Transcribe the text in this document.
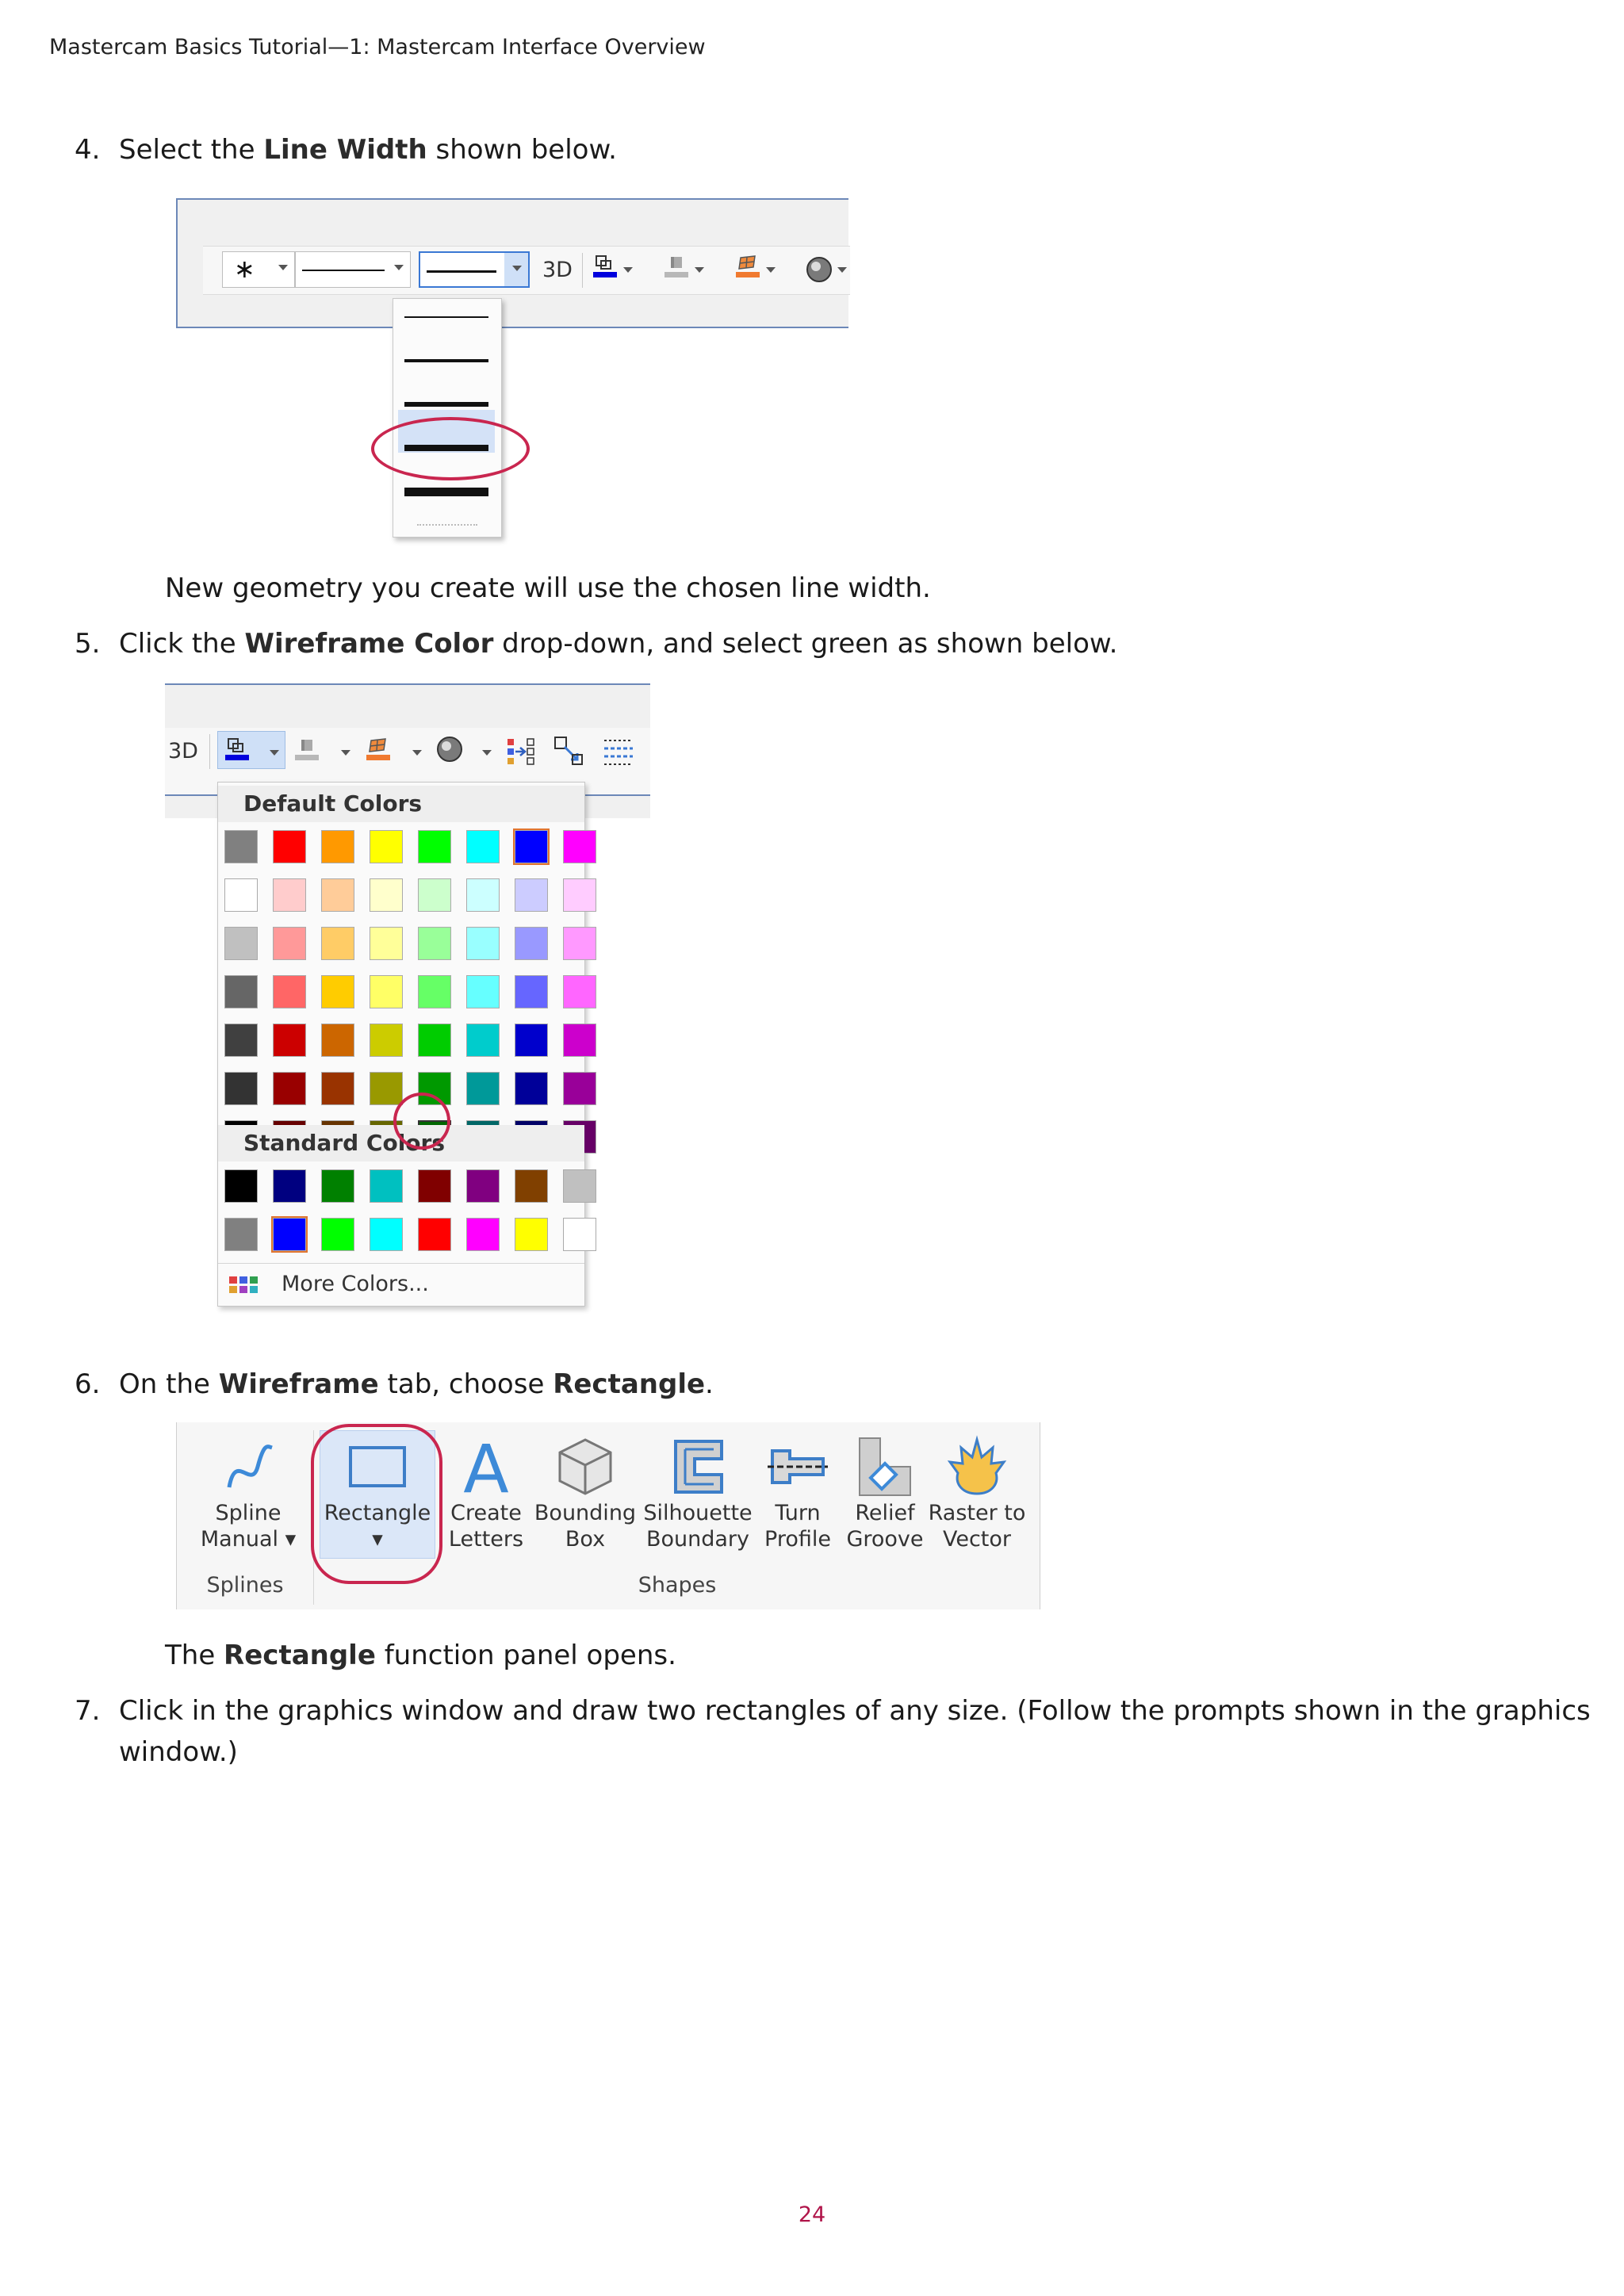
Mastercam Basics Tutorial—1: Mastercam Interface Overview
4. Select the Line Width shown below.
∗	3D
New geometry you create will use the chosen line width.
5. Click the Wireframe Color drop-down, and select green as shown below.
3D
Default Colors
Standard Colors
More Colors...
6. On the Wireframe tab, choose Rectangle.
Spline
Manual ▾
Rectangle
▾
A
Create
Letters
Bounding
Box
Silhouette
Boundary
Turn
Profile
Relief
Groove
Raster to
Vector
Splines	Shapes
The Rectangle function panel opens.
7. Click in the graphics window and draw two rectangles of any size. (Follow the prompts shown in the graphics
window.)
24
